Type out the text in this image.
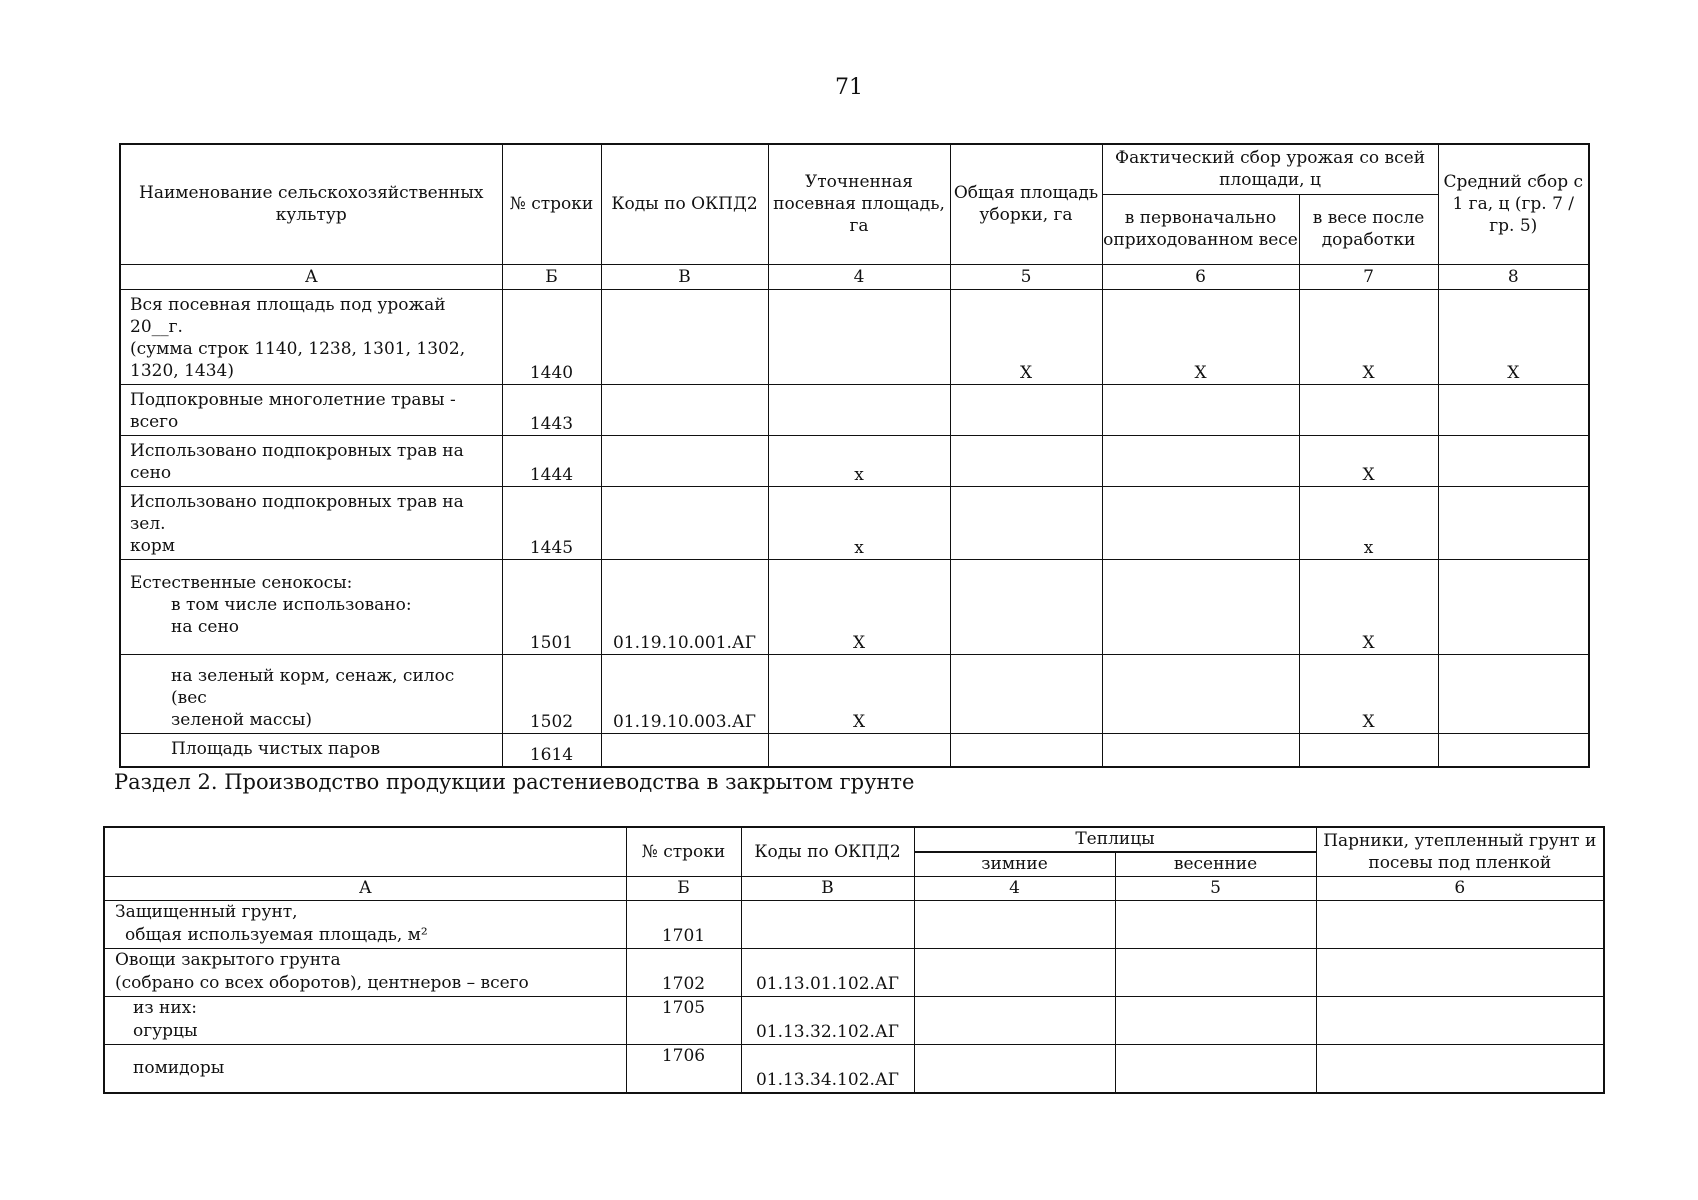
71
Наименование сельскохозяйственных культур	№ строки	Коды по ОКПД2	Уточненная посевная площадь, га	Общая площадь уборки, га	Фактический сбор урожая со всей площади, ц		Средний сбор с 1 га, ц (гр. 7 / гр. 5)
					в первоначально оприходованном весе	в весе после доработки	
А	Б	В	4	5	6	7	8

Вся посевная площадь под урожай 20__г.
(сумма строк 1140, 1238, 1301, 1302,
1320, 1434)	1440			X	X	X	X

Подпокровные многолетние травы -
всего	1443						

Использовано подпокровных трав на
сено	1444		x			X	

Использовано подпокровных трав на зел.
корм	1445		x			x	

Естественные сенокосы:
в том числе использовано:
на сено	1501	01.19.10.001.АГ	X			X	

на зеленый корм, сенаж, силос (вес
зеленой массы)	1502	01.19.10.003.АГ	X			X	

Площадь чистых паров	1614						
Раздел 2. Производство продукции растениеводства в закрытом грунте
	№ строки	Коды по ОКПД2	Теплицы		Парники, утепленный грунт и посевы под пленкой
			зимние	весенние	
А	Б	В	4	5	6

Защищенный грунт,
общая используемая площадь, м²	1701				

Овощи закрытого грунта
(собрано со всех оборотов), центнеров – всего	1702	01.13.01.102.АГ			

из них:
огурцы	1705	01.13.32.102.АГ			

помидоры	1706	01.13.34.102.АГ			
